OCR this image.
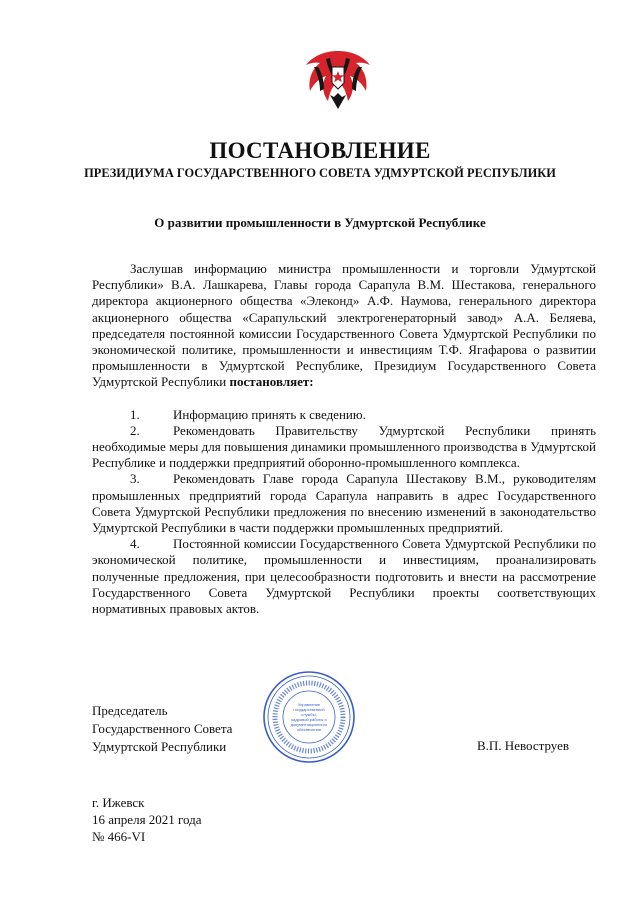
ПОСТАНОВЛЕНИЕ
ПРЕЗИДИУМА ГОСУДАРСТВЕННОГО СОВЕТА УДМУРТСКОЙ РЕСПУБЛИКИ
О развитии промышленности в Удмуртской Республике

Заслушав информацию министра промышленности и торговли Удмуртской Республики» В.А. Лашкарева, Главы города Сарапула В.М. Шестакова, генерального директора акционерного общества «Элеконд» А.Ф. Наумова, генерального директора акционерного общества «Сарапульский электрогенераторный завод» А.А. Беляева, председателя постоянной комиссии Государственного Совета Удмуртской Республики по экономической политике, промышленности и инвестициям Т.Ф. Ягафарова о развитии промышленности в Удмуртской Республике, Президиум Государственного Совета Удмуртской Республики постановляет:

1.	Информацию принять к сведению.

2.	Рекомендовать Правительству Удмуртской Республики принять необходимые меры для повышения динамики промышленного производства в Удмуртской Республике и поддержки предприятий оборонно-промышленного комплекса.

3.	Рекомендовать Главе города Сарапула Шестакову В.М., руководителям промышленных предприятий города Сарапула направить в адрес Государственного Совета Удмуртской Республики предложения по внесению изменений в законодательство Удмуртской Республики в части поддержки промышленных предприятий.

4.	Постоянной комиссии Государственного Совета Удмуртской Республики по экономической политике, промышленности и инвестициям, проанализировать полученные предложения, при целесообразности подготовить и внести на рассмотрение Государственного Совета Удмуртской Республики проекты соответствующих нормативных правовых актов.

Председатель
Государственного Совета
Удмуртской Республики
Управление
государственной
службы,
кадровой работы и
документационного
обеспечения
В.П. Невоструев
г. Ижевск
16 апреля 2021 года
№ 466-VI
